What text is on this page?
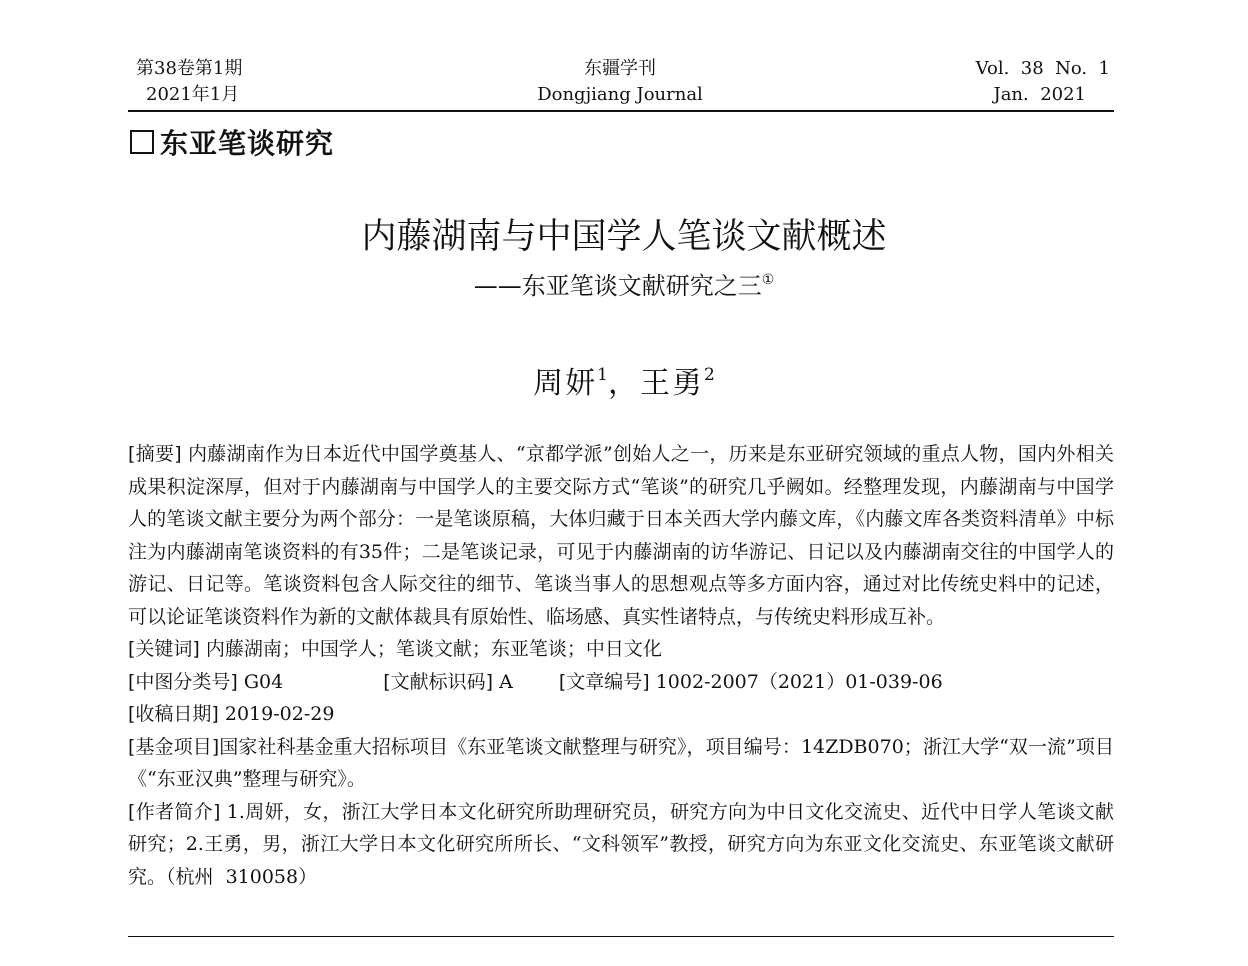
第38卷第1期
2021年1月
东疆学刊
Dongjiang Journal
Vol.  38  No.  1
Jan.  2021
东亚笔谈研究
内藤湖南与中国学人笔谈文献概述
——东亚笔谈文献研究之三①
周妍$^1$，王勇$^2$

[摘要] 内藤湖南作为日本近代中国学奠基人、“京都学派”创始人之一，历来是东亚研究领域的重点人物，国内外相关成果积淀深厚，但对于内藤湖南与中国学人的主要交际方式“笔谈”的研究几乎阙如。经整理发现，内藤湖南与中国学人的笔谈文献主要分为两个部分：一是笔谈原稿，大体归藏于日本关西大学内藤文库，《内藤文库各类资料清单》中标注为内藤湖南笔谈资料的有35件；二是笔谈记录，可见于内藤湖南的访华游记、日记以及内藤湖南交往的中国学人的游记、日记等。笔谈资料包含人际交往的细节、笔谈当事人的思想观点等多方面内容，通过对比传统史料中的记述，可以论证笔谈资料作为新的文献体裁具有原始性、临场感、真实性诸特点，与传统史料形成互补。

[关键词] 内藤湖南；中国学人；笔谈文献；东亚笔谈；中日文化

[中图分类号] G04	[文献标识码] A [文章编号] 1002-2007（2021）01-039-06

[收稿日期] 2019-02-29

[基金项目]国家社科基金重大招标项目《东亚笔谈文献整理与研究》，项目编号：14ZDB070；浙江大学“双一流”项目《“东亚汉典”整理与研究》。

[作者简介] 1.周妍，女，浙江大学日本文化研究所助理研究员，研究方向为中日文化交流史、近代中日学人笔谈文献研究；2.王勇，男，浙江大学日本文化研究所所长、“文科领军”教授，研究方向为东亚文化交流史、东亚笔谈文献研究。（杭州  310058）
